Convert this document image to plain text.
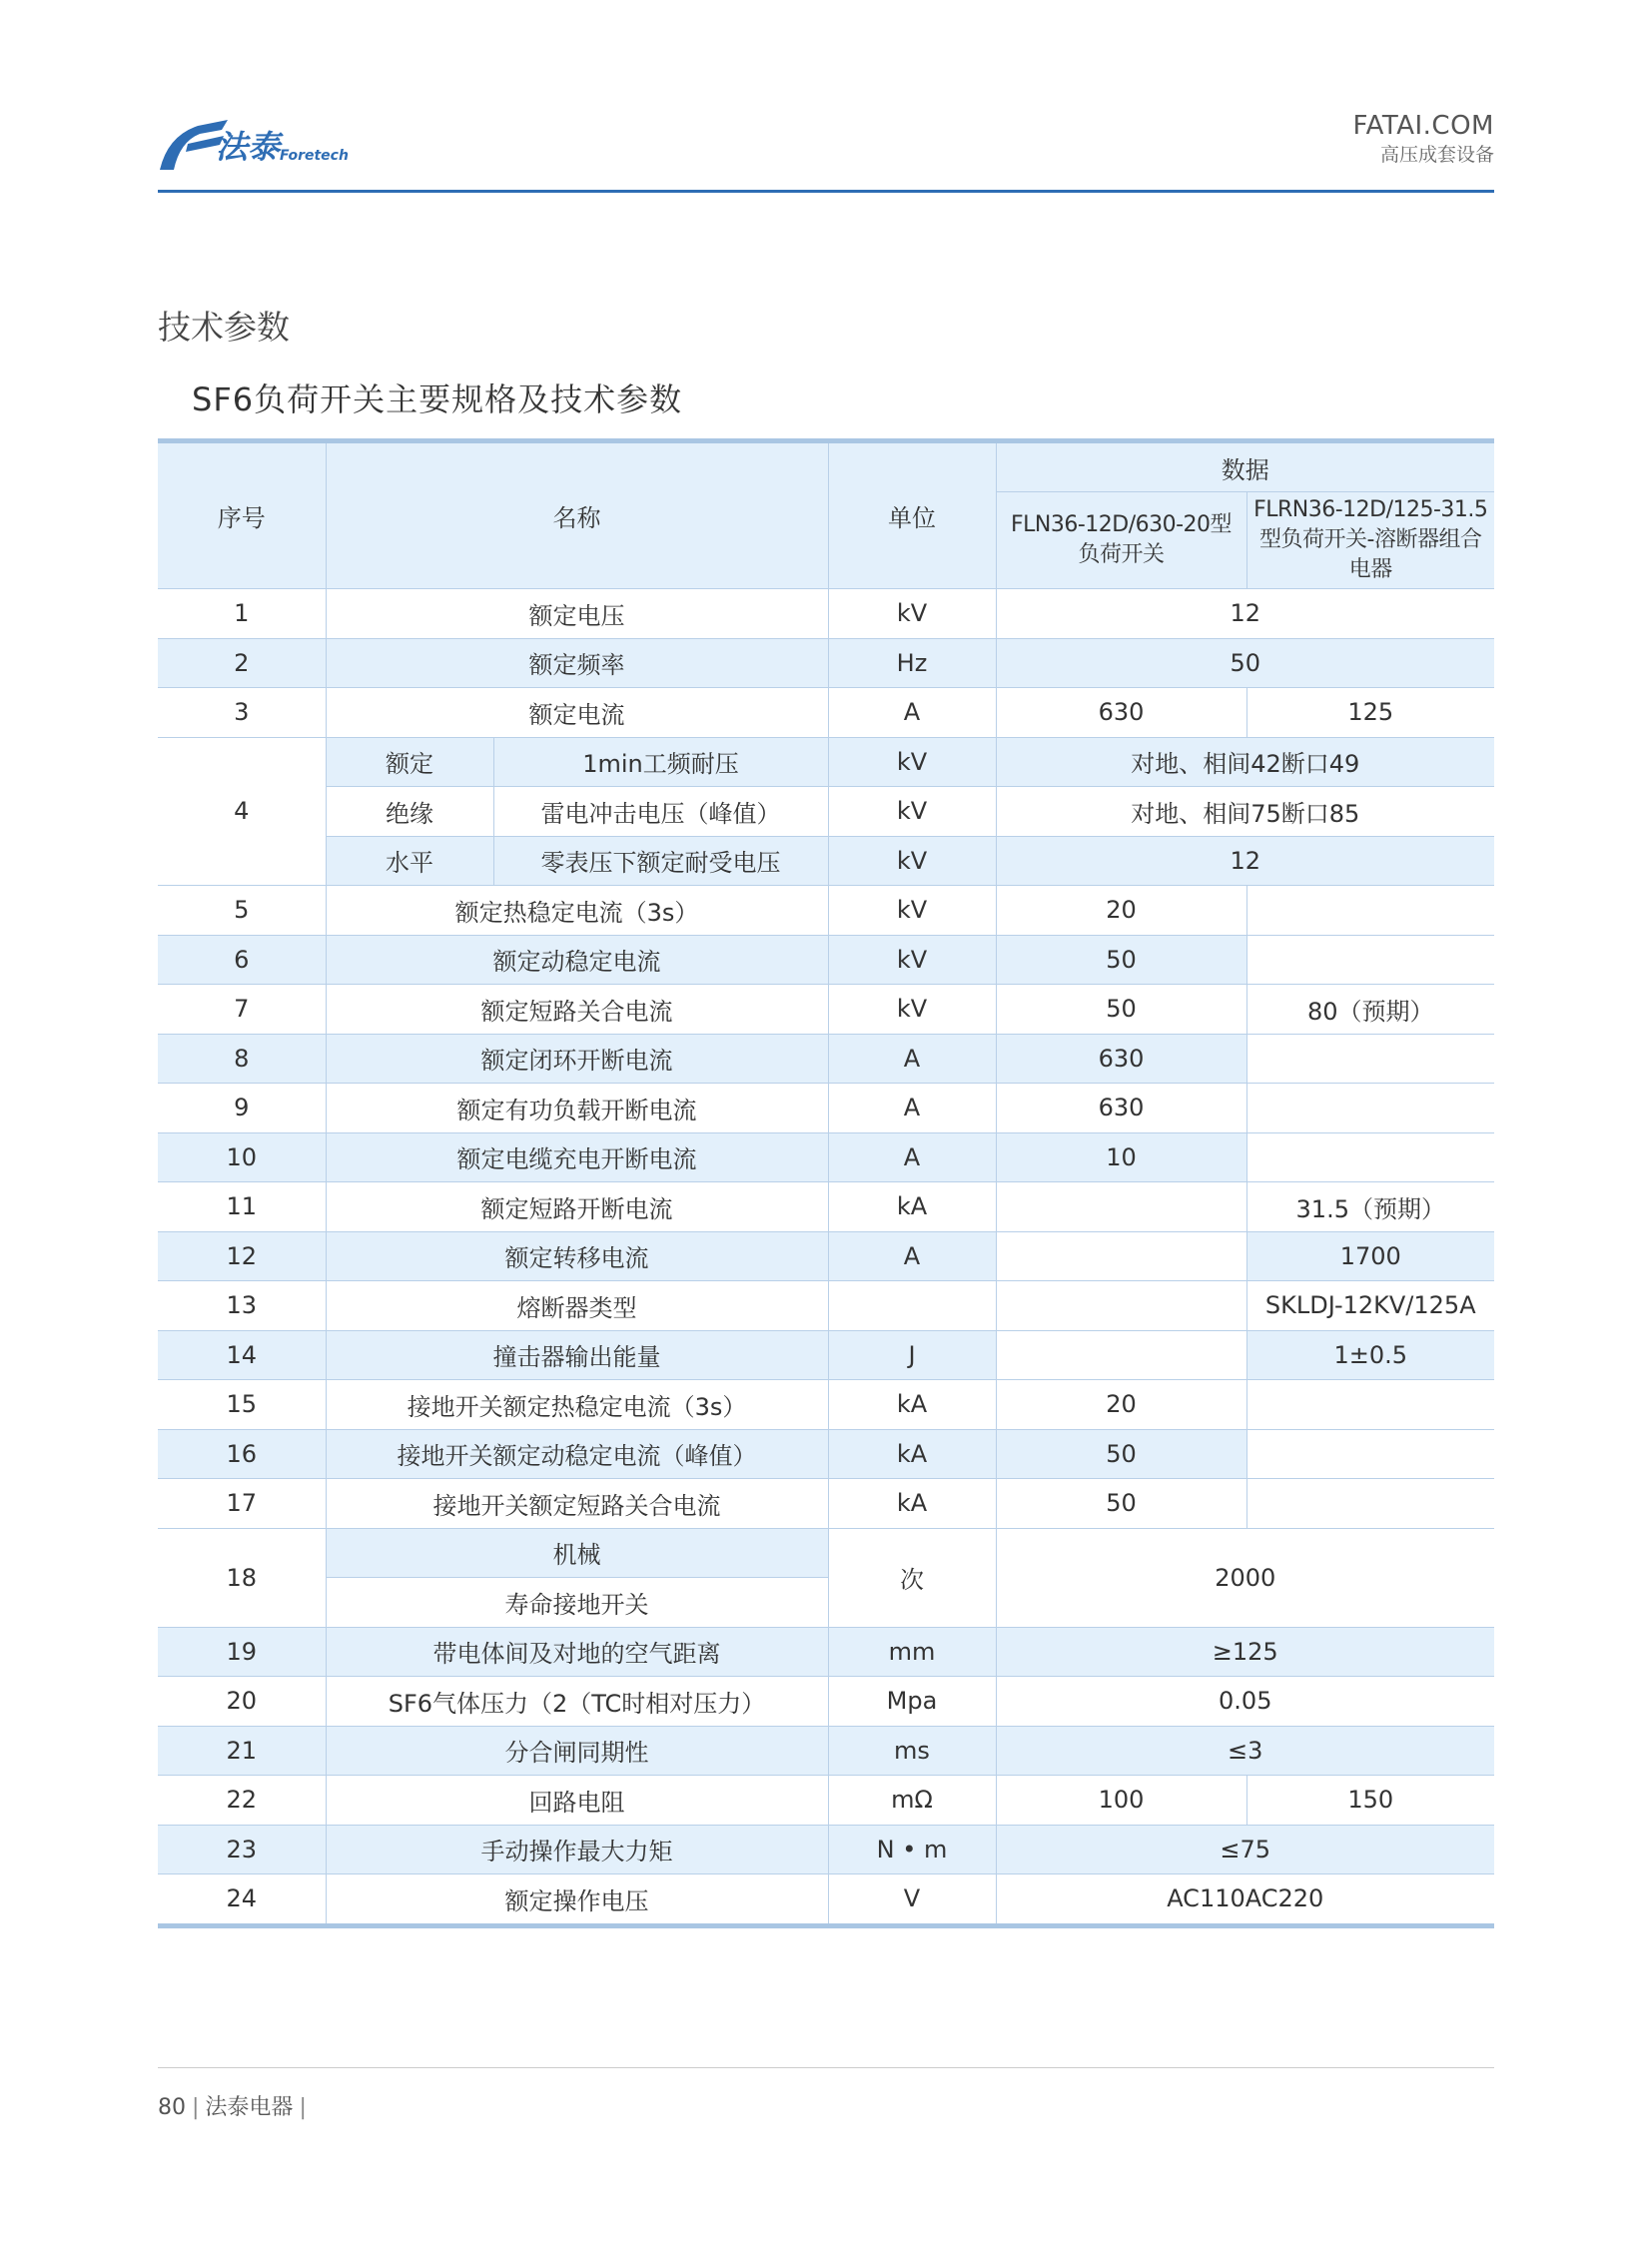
法泰 Foretech
FATAI.COM
高压成套设备
技术参数
SF6负荷开关主要规格及技术参数
序号	名称		单位	数据	
				FLN36-12D/630-20型负荷开关	FLRN36-12D/125-31.5型负荷开关-溶断器组合电器
1	额定电压		kV	12	
2	额定频率		Hz	50	
3	额定电流		A	630	125
4	额定	1min工频耐压	kV	对地、相间42断口49	
	绝缘	雷电冲击电压（峰值）	kV	对地、相间75断口85	
	水平	零表压下额定耐受电压	kV	12	
5	额定热稳定电流（3s）		kV	20	
6	额定动稳定电流		kV	50	
7	额定短路关合电流		kV	50	80（预期）
8	额定闭环开断电流		A	630	
9	额定有功负载开断电流		A	630	
10	额定电缆充电开断电流		A	10	
11	额定短路开断电流		kA		31.5（预期）
12	额定转移电流		A		1700
13	熔断器类型				SKLDJ-12KV/125A
14	撞击器输出能量		J		1±0.5
15	接地开关额定热稳定电流（3s）		kA	20	
16	接地开关额定动稳定电流（峰值）		kA	50	
17	接地开关额定短路关合电流		kA	50	
18	机械		次	2000	
	寿命接地开关				
19	带电体间及对地的空气距离		mm	≥125	
20	SF6气体压力（2（TC时相对压力）		Mpa	0.05	
21	分合闸同期性		ms	≤3	
22	回路电阻		mΩ	100	150
23	手动操作最大力矩		N • m	≤75	
24	额定操作电压		V	AC110AC220	
80 | 法泰电器 |
